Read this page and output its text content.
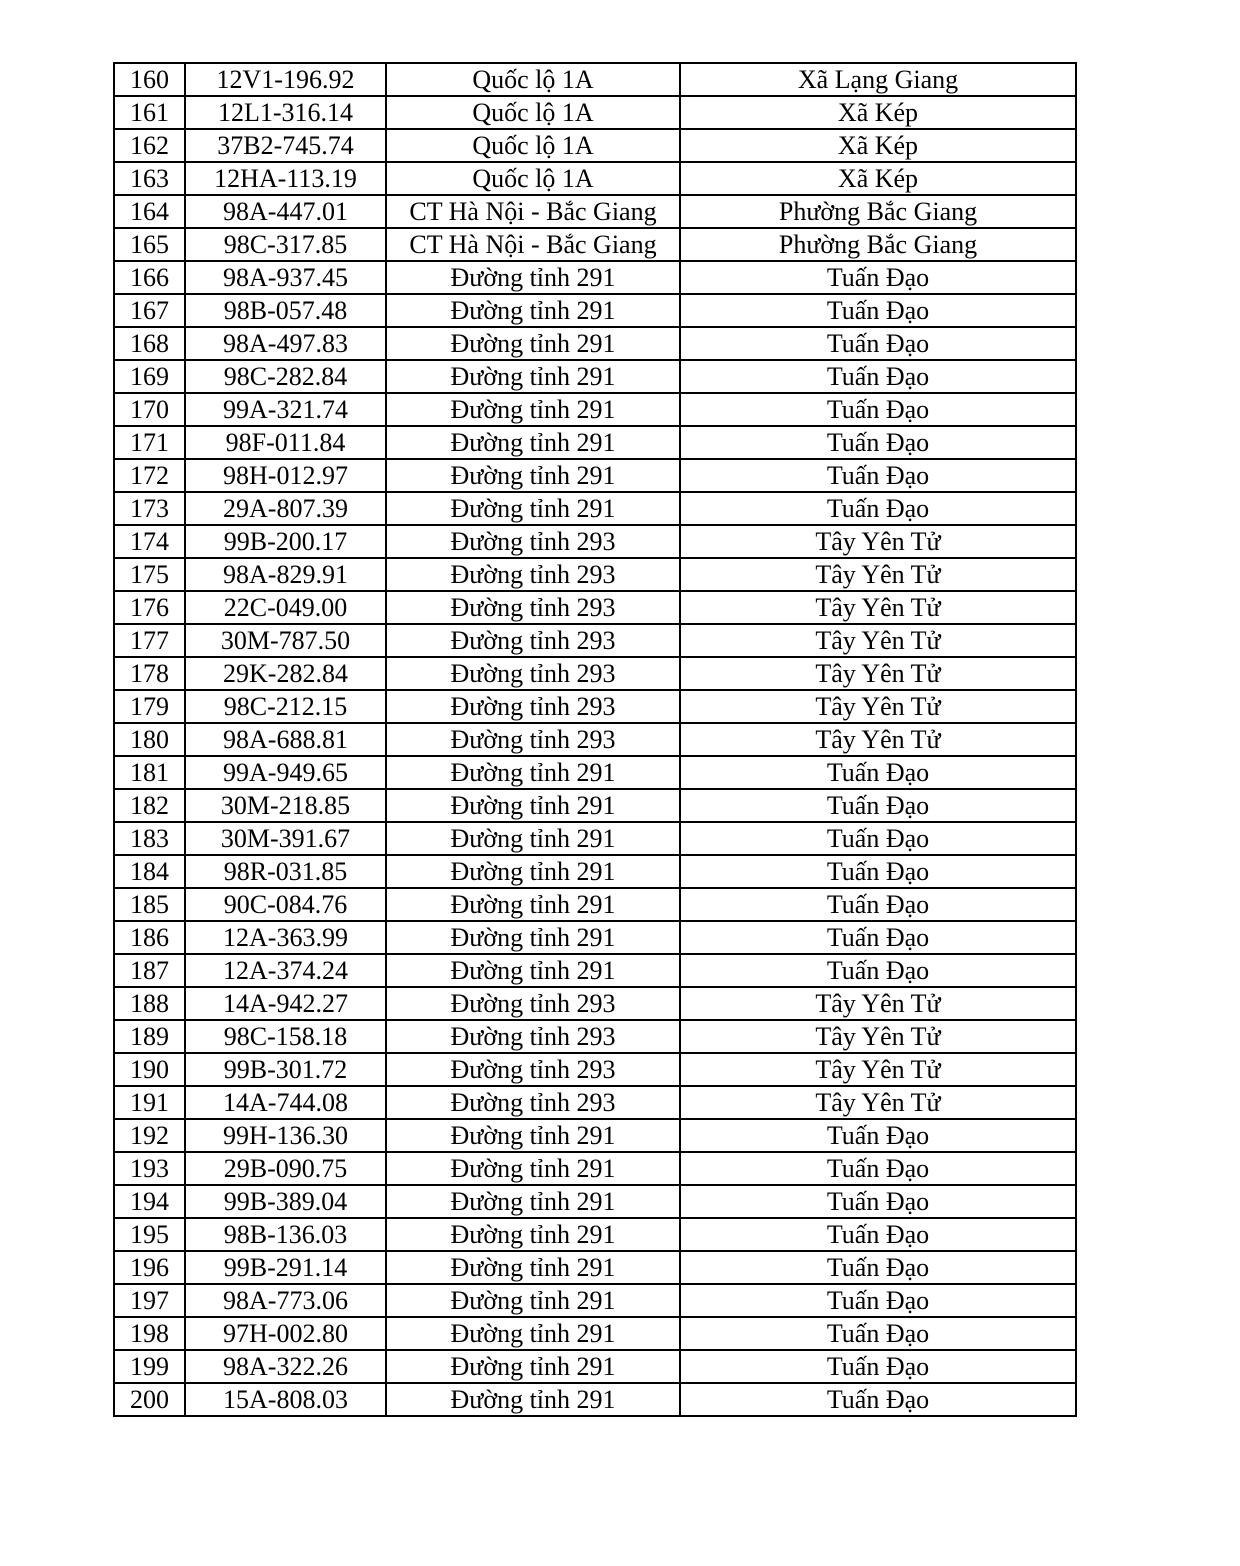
160	12V1-196.92	Quốc lộ 1A	Xã Lạng Giang
161	12L1-316.14	Quốc lộ 1A	Xã Kép
162	37B2-745.74	Quốc lộ 1A	Xã Kép
163	12HA-113.19	Quốc lộ 1A	Xã Kép
164	98A-447.01	CT Hà Nội - Bắc Giang	Phường Bắc Giang
165	98C-317.85	CT Hà Nội - Bắc Giang	Phường Bắc Giang
166	98A-937.45	Đường tỉnh 291	Tuấn Đạo
167	98B-057.48	Đường tỉnh 291	Tuấn Đạo
168	98A-497.83	Đường tỉnh 291	Tuấn Đạo
169	98C-282.84	Đường tỉnh 291	Tuấn Đạo
170	99A-321.74	Đường tỉnh 291	Tuấn Đạo
171	98F-011.84	Đường tỉnh 291	Tuấn Đạo
172	98H-012.97	Đường tỉnh 291	Tuấn Đạo
173	29A-807.39	Đường tỉnh 291	Tuấn Đạo
174	99B-200.17	Đường tỉnh 293	Tây Yên Tử
175	98A-829.91	Đường tỉnh 293	Tây Yên Tử
176	22C-049.00	Đường tỉnh 293	Tây Yên Tử
177	30M-787.50	Đường tỉnh 293	Tây Yên Tử
178	29K-282.84	Đường tỉnh 293	Tây Yên Tử
179	98C-212.15	Đường tỉnh 293	Tây Yên Tử
180	98A-688.81	Đường tỉnh 293	Tây Yên Tử
181	99A-949.65	Đường tỉnh 291	Tuấn Đạo
182	30M-218.85	Đường tỉnh 291	Tuấn Đạo
183	30M-391.67	Đường tỉnh 291	Tuấn Đạo
184	98R-031.85	Đường tỉnh 291	Tuấn Đạo
185	90C-084.76	Đường tỉnh 291	Tuấn Đạo
186	12A-363.99	Đường tỉnh 291	Tuấn Đạo
187	12A-374.24	Đường tỉnh 291	Tuấn Đạo
188	14A-942.27	Đường tỉnh 293	Tây Yên Tử
189	98C-158.18	Đường tỉnh 293	Tây Yên Tử
190	99B-301.72	Đường tỉnh 293	Tây Yên Tử
191	14A-744.08	Đường tỉnh 293	Tây Yên Tử
192	99H-136.30	Đường tỉnh 291	Tuấn Đạo
193	29B-090.75	Đường tỉnh 291	Tuấn Đạo
194	99B-389.04	Đường tỉnh 291	Tuấn Đạo
195	98B-136.03	Đường tỉnh 291	Tuấn Đạo
196	99B-291.14	Đường tỉnh 291	Tuấn Đạo
197	98A-773.06	Đường tỉnh 291	Tuấn Đạo
198	97H-002.80	Đường tỉnh 291	Tuấn Đạo
199	98A-322.26	Đường tỉnh 291	Tuấn Đạo
200	15A-808.03	Đường tỉnh 291	Tuấn Đạo
